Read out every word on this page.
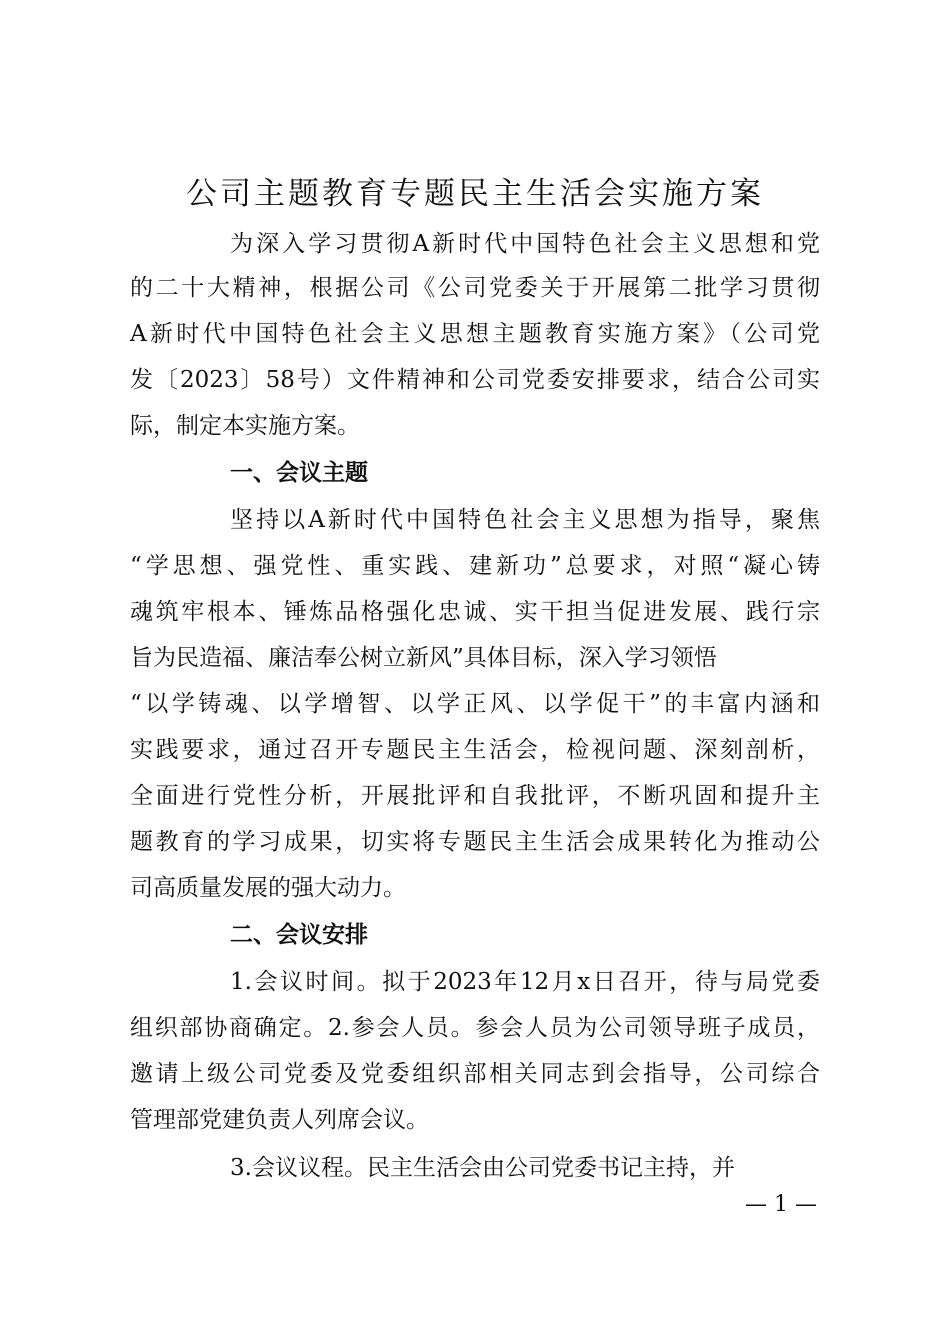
公司主题教育专题民主生活会实施方案
为深入学习贯彻A新时代中国特色社会主义思想和党
的二十大精神，根据公司《公司党委关于开展第二批学习贯彻
A新时代中国特色社会主义思想主题教育实施方案》（公司党
发〔2023〕58号）文件精神和公司党委安排要求，结合公司实
际，制定本实施方案。
一、会议主题
坚持以A新时代中国特色社会主义思想为指导，聚焦
“学思想、强党性、重实践、建新功”总要求，对照“凝心铸
魂筑牢根本、锤炼品格强化忠诚、实干担当促进发展、践行宗
旨为民造福、廉洁奉公树立新风”具体目标，深入学习领悟
“以学铸魂、以学增智、以学正风、以学促干”的丰富内涵和
实践要求，通过召开专题民主生活会，检视问题、深刻剖析，
全面进行党性分析，开展批评和自我批评，不断巩固和提升主
题教育的学习成果，切实将专题民主生活会成果转化为推动公
司高质量发展的强大动力。
二、会议安排
1.会议时间。拟于2023年12月x日召开，待与局党委
组织部协商确定。2.参会人员。参会人员为公司领导班子成员，
邀请上级公司党委及党委组织部相关同志到会指导，公司综合
管理部党建负责人列席会议。
3.会议议程。民主生活会由公司党委书记主持，并
— 1 —
